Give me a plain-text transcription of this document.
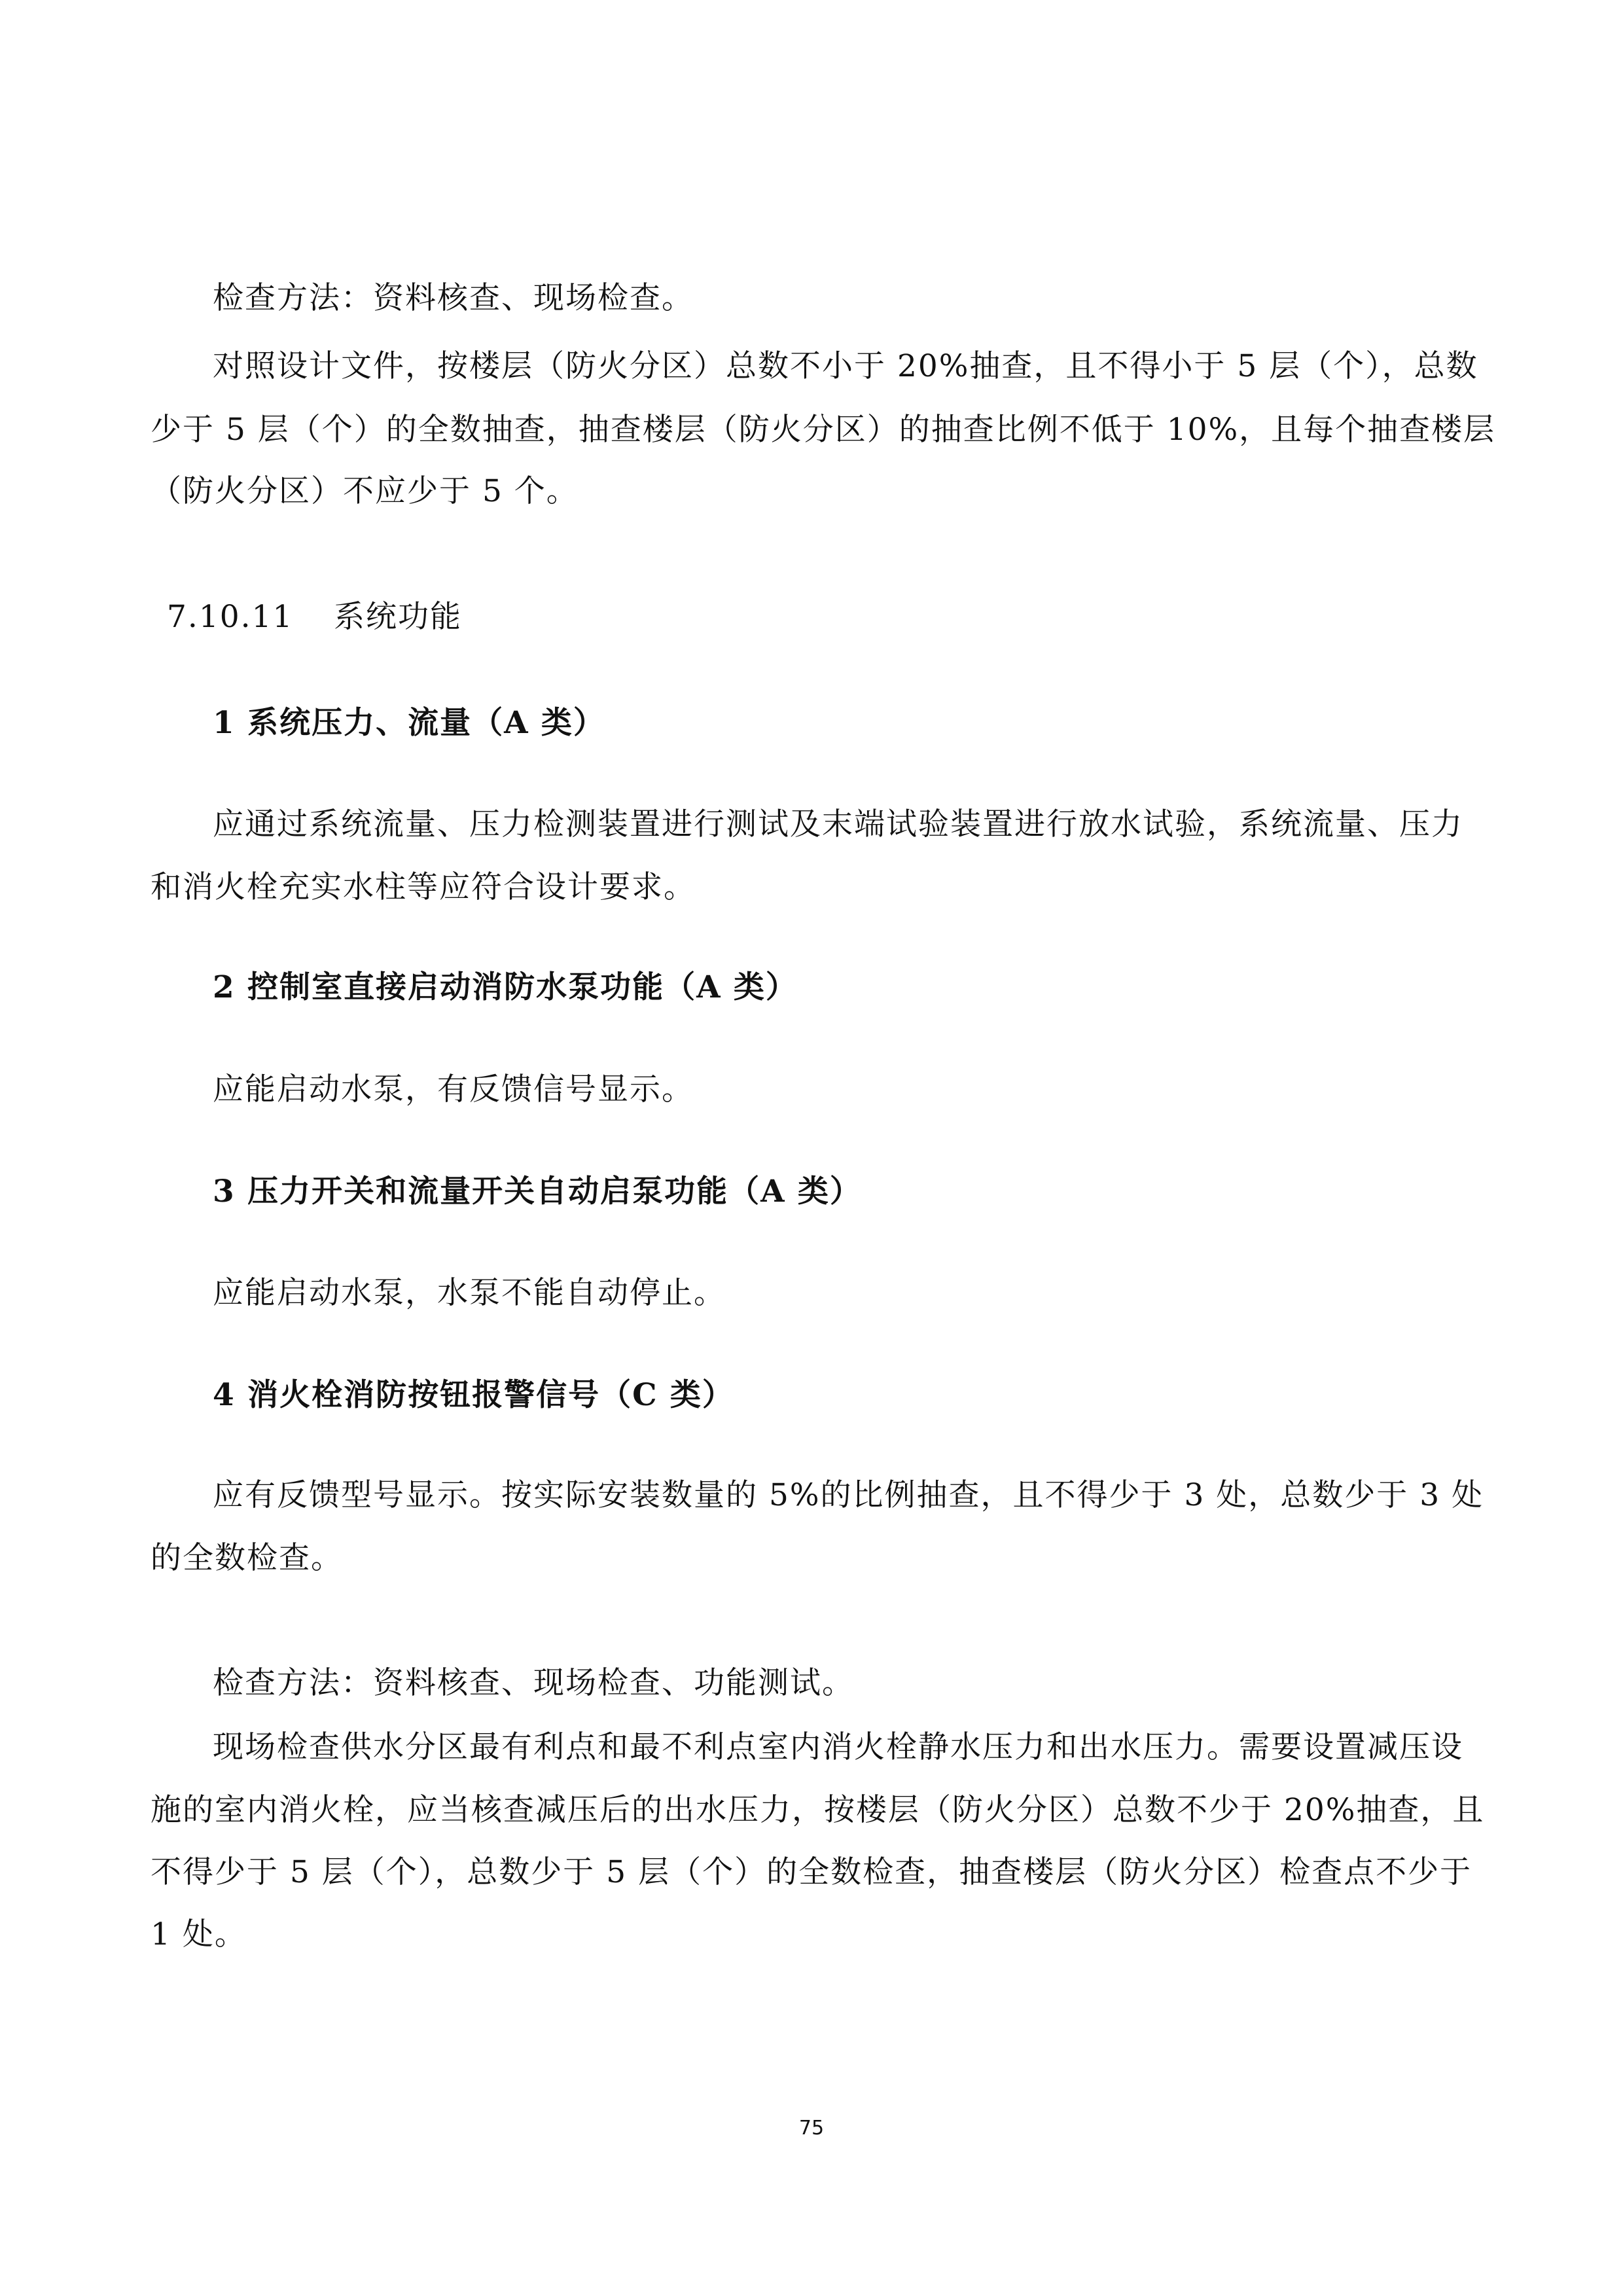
检查方法：资料核查、现场检查。
对照设计文件，按楼层（防火分区）总数不小于 20%抽查，且不得小于 5 层（个），总数
少于 5 层（个）的全数抽查，抽查楼层（防火分区）的抽查比例不低于 10%，且每个抽查楼层
（防火分区）不应少于 5 个。
7.10.11 系统功能
1 系统压力、流量（A 类）
应通过系统流量、压力检测装置进行测试及末端试验装置进行放水试验，系统流量、压力
和消火栓充实水柱等应符合设计要求。
2 控制室直接启动消防水泵功能（A 类）
应能启动水泵，有反馈信号显示。
3 压力开关和流量开关自动启泵功能（A 类）
应能启动水泵，水泵不能自动停止。
4 消火栓消防按钮报警信号（C 类）
应有反馈型号显示。按实际安装数量的 5%的比例抽查，且不得少于 3 处，总数少于 3 处
的全数检查。
检查方法：资料核查、现场检查、功能测试。
现场检查供水分区最有利点和最不利点室内消火栓静水压力和出水压力。需要设置减压设
施的室内消火栓，应当核查减压后的出水压力，按楼层（防火分区）总数不少于 20%抽查，且
不得少于 5 层（个），总数少于 5 层（个）的全数检查，抽查楼层（防火分区）检查点不少于
1 处。
75
